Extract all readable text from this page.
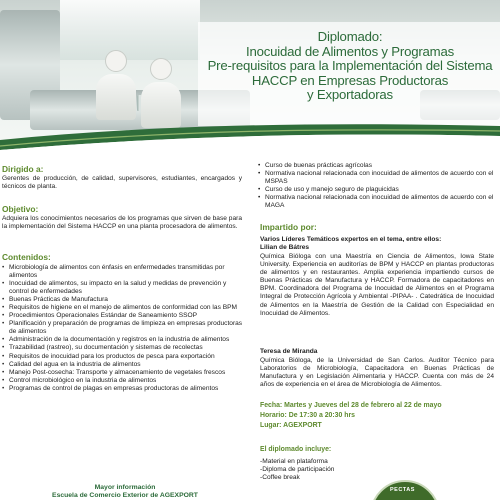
Diplomado:
Inocuidad de Alimentos y Programas
Pre-requisitos para la Implementación del Sistema
HACCP en Empresas Productoras
y Exportadoras
Dirigido a:
Gerentes de producción, de calidad, supervisores, estudiantes, encargados y técnicos de planta.
Objetivo:
Adquiera los conocimientos necesarios de los programas que sirven de base para la implementación del Sistema HACCP en una planta procesadora de alimentos.
Contenidos:
• Microbiología de alimentos con énfasis en enfermedades transmitidas por alimentos
• Inocuidad de alimentos, su impacto en la salud y medidas de prevención y control de enfermedades
• Buenas Prácticas de Manufactura
• Requisitos de higiene en el manejo de alimentos de conformidad con las BPM
• Procedimientos Operacionales Estándar de Saneamiento SSOP
• Planificación y preparación de programas de limpieza en empresas productoras de alimentos
• Administración de la documentación y registros en la industria de alimentos
• Trazabilidad (rastreo), su documentación y sistemas de recolectas
• Requisitos de inocuidad para los productos de pesca para exportación
• Calidad del agua en la industria de alimentos
• Manejo Post-cosecha: Transporte y almacenamiento de vegetales frescos
• Control microbiológico en la industria de alimentos
• Programas de control de plagas en empresas productoras de alimentos
Mayor información
Escuela de Comercio Exterior de AGEXPORT
• Curso de buenas prácticas agrícolas
• Normativa nacional relacionada con inocuidad de alimentos de acuerdo con el MSPAS
• Curso de uso y manejo seguro de plaguicidas
• Normativa nacional relacionada con inocuidad de alimentos de acuerdo con el MAGA
Impartido por:
Varios Líderes Temáticos expertos en el tema, entre ellos:
Lilian de Bátres
Química Bióloga con una Maestría en Ciencia de Alimentos, Iowa State University. Experiencia en auditorías de BPM y HACCP en plantas productoras de alimentos y en restaurantes. Amplia experiencia impartiendo cursos de Buenas Prácticas de Manufactura y HACCP. Formadora de capacitadores en BPM. Coordinadora del Programa de Inocuidad de Alimentos en el Programa Integral de Protección Agrícola y Ambiental -PIPAA- . Catedrática de Inocuidad de Alimentos en la Maestría de Gestión de la Calidad con Especialidad en Inocuidad de Alimentos.
Teresa de Miranda
Química Bióloga, de la Universidad de San Carlos. Auditor Técnico para Laboratorios de Microbiología, Capacitadora en Buenas Prácticas de Manufactura y en Legislación Alimentaria y HACCP. Cuenta con más de 24 años de experiencia en el área de Microbiología de Alimentos.
Fecha: Martes y Jueves del 28 de febrero al 22 de mayo
Horario: De 17:30 a 20:30 hrs
Lugar: AGEXPORT
El diplomado incluye:
-Material en plataforma
-Diploma de participación
-Coffee break
PECTAS
